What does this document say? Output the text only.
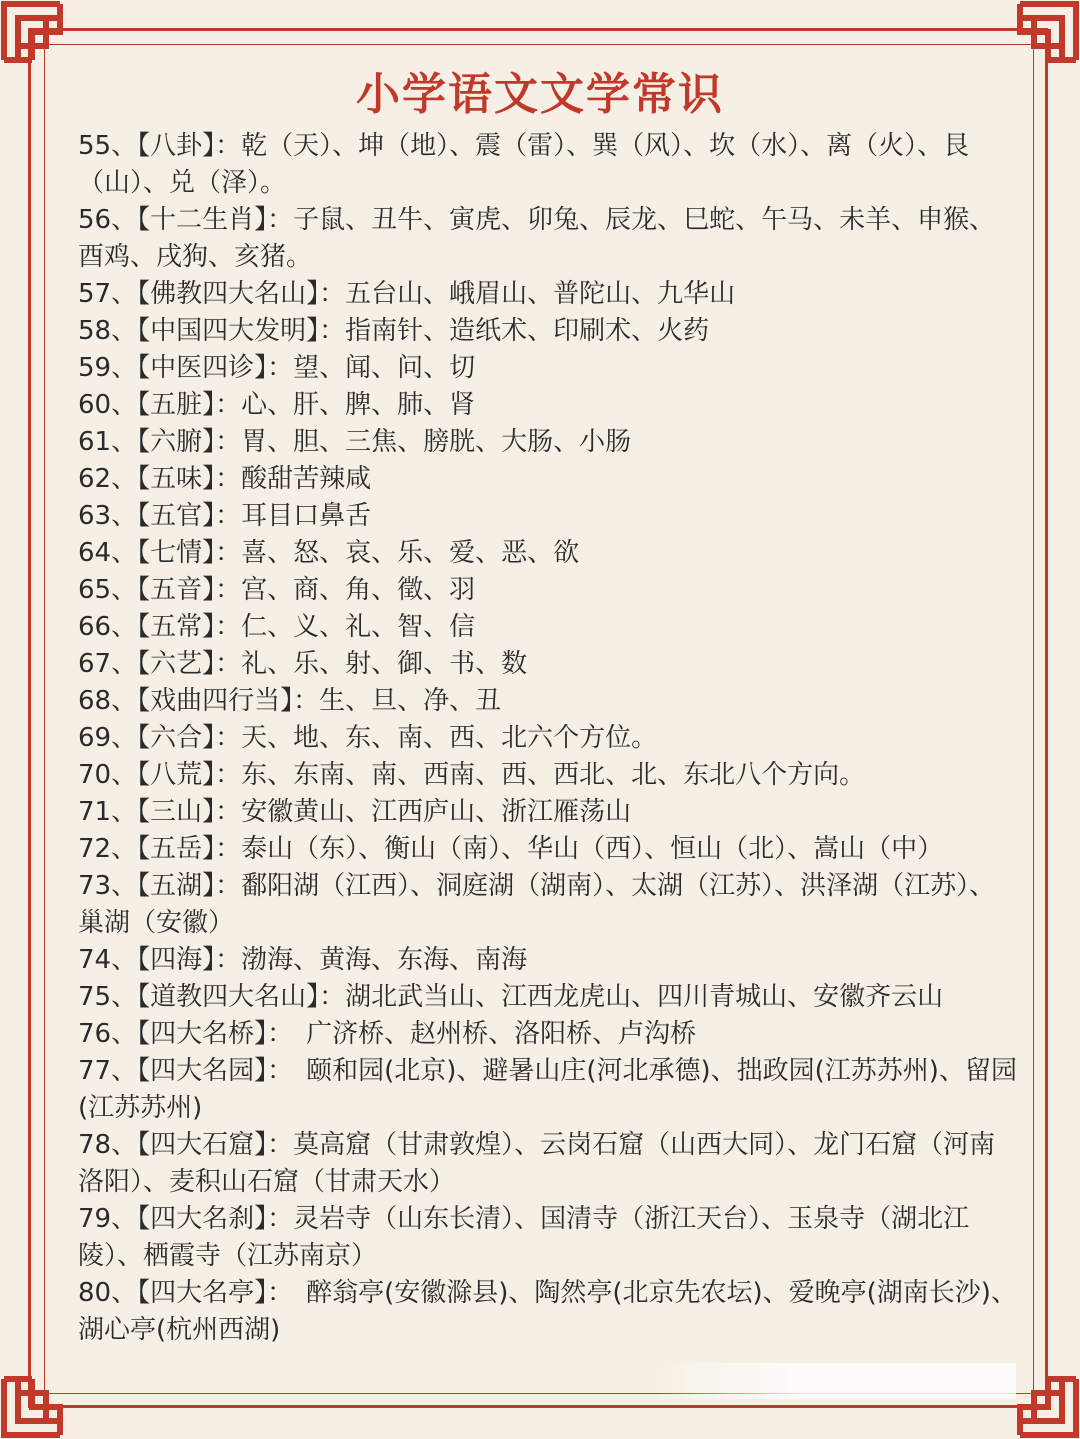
小学语文文学常识

55、【八卦】：乾（天）、坤（地）、震（雷）、巽（风）、坎（水）、离（火）、艮（山）、兑（泽）。

56、【十二生肖】：子鼠、丑牛、寅虎、卯兔、辰龙、巳蛇、午马、未羊、申猴、酉鸡、戌狗、亥猪。

57、【佛教四大名山】：五台山、峨眉山、普陀山、九华山

58、【中国四大发明】：指南针、造纸术、印刷术、火药

59、【中医四诊】：望、闻、问、切

60、【五脏】：心、肝、脾、肺、肾

61、【六腑】：胃、胆、三焦、膀胱、大肠、小肠

62、【五味】：酸甜苦辣咸

63、【五官】：耳目口鼻舌

64、【七情】：喜、怒、哀、乐、爱、恶、欲

65、【五音】：宫、商、角、徵、羽

66、【五常】：仁、义、礼、智、信

67、【六艺】：礼、乐、射、御、书、数

68、【戏曲四行当】：生、旦、净、丑

69、【六合】：天、地、东、南、西、北六个方位。

70、【八荒】：东、东南、南、西南、西、西北、北、东北八个方向。

71、【三山】：安徽黄山、江西庐山、浙江雁荡山

72、【五岳】：泰山（东）、衡山（南）、华山（西）、恒山（北）、嵩山（中）

73、【五湖】：鄱阳湖（江西）、洞庭湖（湖南）、太湖（江苏）、洪泽湖（江苏）、巢湖（安徽）

74、【四海】：渤海、黄海、东海、南海

75、【道教四大名山】：湖北武当山、江西龙虎山、四川青城山、安徽齐云山

76、【四大名桥】：　广济桥、赵州桥、洛阳桥、卢沟桥

77、【四大名园】：　颐和园(北京)、避暑山庄(河北承德)、拙政园(江苏苏州)、留园(江苏苏州)

78、【四大石窟】：莫高窟（甘肃敦煌）、云岗石窟（山西大同）、龙门石窟（河南洛阳）、麦积山石窟（甘肃天水）

79、【四大名刹】：灵岩寺（山东长清）、国清寺（浙江天台）、玉泉寺（湖北江陵）、栖霞寺（江苏南京）

80、【四大名亭】：　醉翁亭(安徽滁县)、陶然亭(北京先农坛)、爱晚亭(湖南长沙)、湖心亭(杭州西湖)
